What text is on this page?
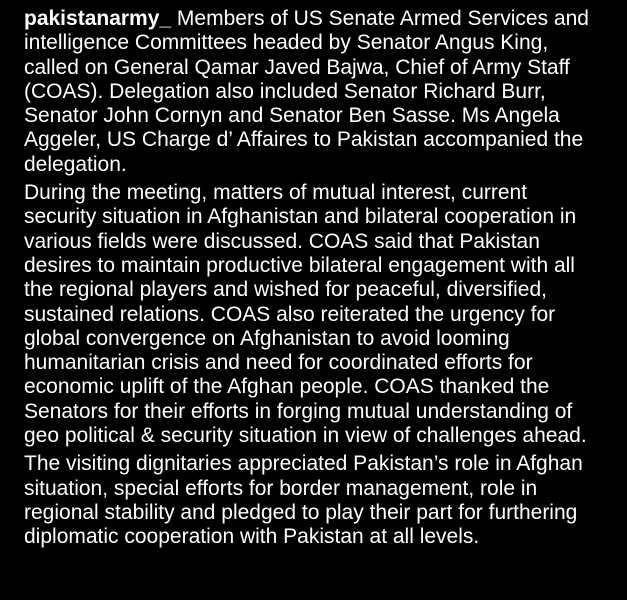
pakistanarmy_ Members of US Senate Armed Services and intelligence Committees headed by Senator Angus King, called on General Qamar Javed Bajwa, Chief of Army Staff (COAS). Delegation also included Senator Richard Burr, Senator John Cornyn and Senator Ben Sasse. Ms Angela Aggeler, US Charge d’ Affaires to Pakistan accompanied the delegation.

During the meeting, matters of mutual interest, current security situation in Afghanistan and bilateral cooperation in various fields were discussed. COAS said that Pakistan desires to maintain productive bilateral engagement with all the regional players and wished for peaceful, diversified, sustained relations. COAS also reiterated the urgency for global convergence on Afghanistan to avoid looming humanitarian crisis and need for coordinated efforts for economic uplift of the Afghan people. COAS thanked the Senators for their efforts in forging mutual understanding of geo political & security situation in view of challenges ahead.

The visiting dignitaries appreciated Pakistan’s role in Afghan situation, special efforts for border management, role in regional stability and pledged to play their part for furthering diplomatic cooperation with Pakistan at all levels.
